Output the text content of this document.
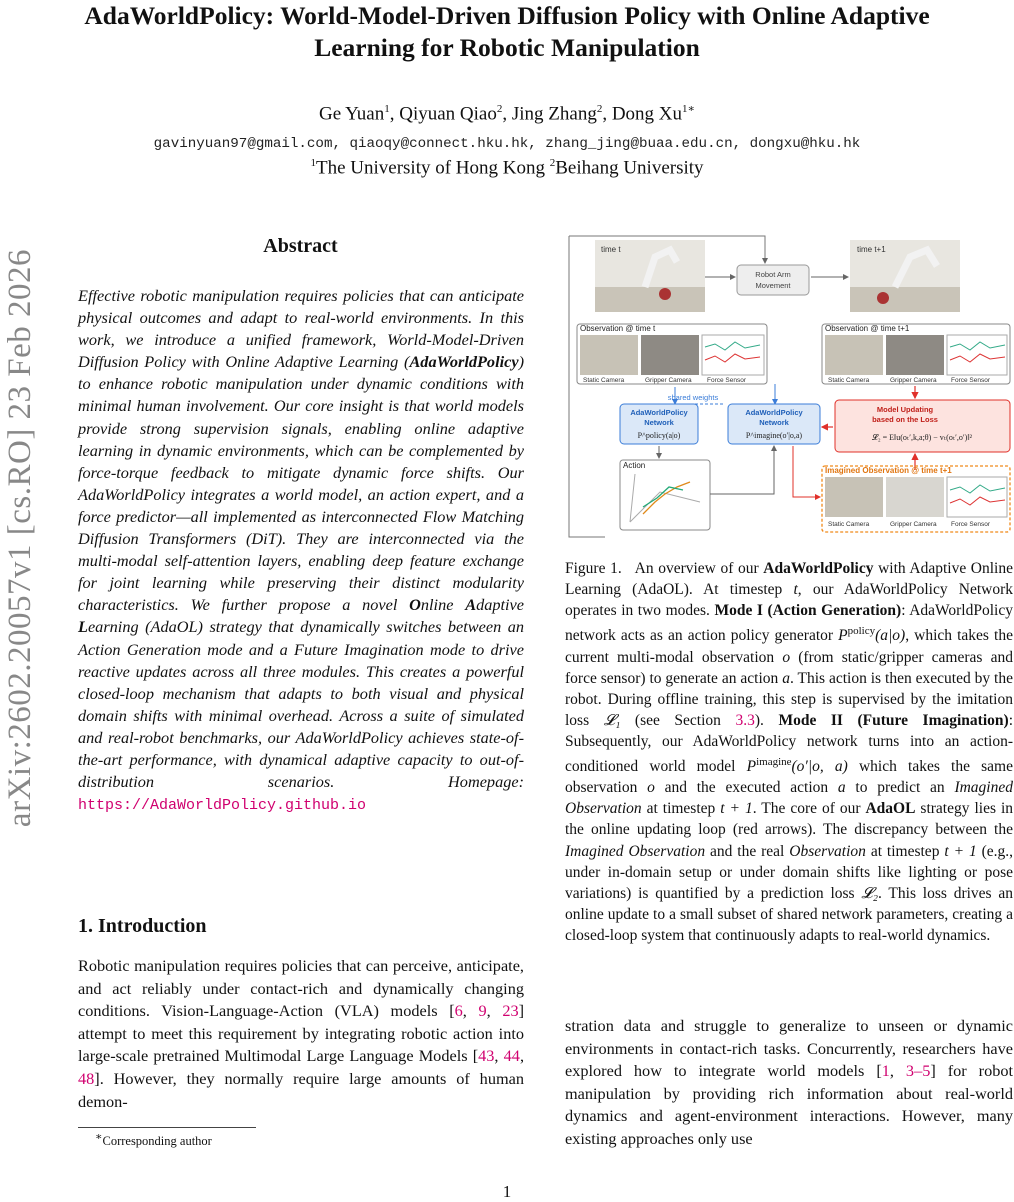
AdaWorldPolicy: World-Model-Driven Diffusion Policy with Online Adaptive Learning for Robotic Manipulation
Ge Yuan$^1$, Qiyuan Qiao$^2$, Jing Zhang$^2$, Dong $Xu^{1∗}$
gavinyuan97@gmail.com, qiaoqy@connect.hku.hk, zhang_jing@buaa.edu.cn, dongxu@hku.hk
$^1$The University of Hong Kong $^2$Beihang University
arXiv:2602.20057v1 [cs.RO] 23 Feb 2026
Abstract
Effective robotic manipulation requires policies that can anticipate physical outcomes and adapt to real-world environments. In this work, we introduce a unified framework, World-Model-Driven Diffusion Policy with Online Adaptive Learning (AdaWorldPolicy) to enhance robotic manipulation under dynamic conditions with minimal human involvement. Our core insight is that world models provide strong supervision signals, enabling online adaptive learning in dynamic environments, which can be complemented by force-torque feedback to mitigate dynamic force shifts. Our AdaWorldPolicy integrates a world model, an action expert, and a force predictor—all implemented as interconnected Flow Matching Diffusion Transformers (DiT). They are interconnected via the multi-modal self-attention layers, enabling deep feature exchange for joint learning while preserving their distinct modularity characteristics. We further propose a novel Online Adaptive Learning (AdaOL) strategy that dynamically switches between an Action Generation mode and a Future Imagination mode to drive reactive updates across all three modules. This creates a powerful closed-loop mechanism that adapts to both visual and physical domain shifts with minimal overhead. Across a suite of simulated and real-robot benchmarks, our AdaWorldPolicy achieves state-of-the-art performance, with dynamical adaptive capacity to out-of-distribution scenarios. Homepage: https://AdaWorldPolicy.github.io
1. Introduction
Robotic manipulation requires policies that can perceive, anticipate, and act reliably under contact-rich and dynamically changing conditions. Vision-Language-Action (VLA) models [6, 9, 23] attempt to meet this requirement by integrating robotic action into large-scale pretrained Multimodal Large Language Models [43, 44, 48]. However, they normally require large amounts of human demon-
∗Corresponding author
time t	time t+1
Robot Arm
Movement
Observation @ time t
Static Camera	Gripper Camera Force Sensor
Observation @ time t+1
Static Camera	Gripper Camera Force Sensor
shared weights
AdaWorldPolicy
Network
P^policy(a|o)
AdaWorldPolicy
Network
P^imagine(o′|o,a)
Model Updating
based on the Loss
𝓛₂ = E‖u(oₜ′,k,a;θ) − vₜ(oₜ′,o′)‖²
Action
Imagined Observation @ time t+1
Static Camera	Gripper Camera Force Sensor
Figure 1. An overview of our AdaWorldPolicy with Adaptive Online Learning (AdaOL). At timestep t, our AdaWorldPolicy Network operates in two modes. Mode I (Action Generation): AdaWorldPolicy network acts as an action policy generator $P^{policy}(a|o)$, which takes the current multi-modal observation o (from static/gripper cameras and force sensor) to generate an action a. This action is then executed by the robot. During offline training, this step is supervised by the imitation loss 𝓛₁ (see Section 3.3). Mode II (Future Imagination): Subsequently, our AdaWorldPolicy network turns into an action-conditioned world model $P^{imagine}(o'|o$, a) which takes the same observation o and the executed action a to predict an Imagined Observation at timestep t + 1. The core of our AdaOL strategy lies in the online updating loop (red arrows). The discrepancy between the Imagined Observation and the real Observation at timestep t + 1 (e.g., under in-domain setup or under domain shifts like lighting or pose variations) is quantified by a prediction loss 𝓛₂. This loss drives an online update to a small subset of shared network parameters, creating a closed-loop system that continuously adapts to real-world dynamics.
stration data and struggle to generalize to unseen or dynamic environments in contact-rich tasks. Concurrently, researchers have explored how to integrate world models [1, 3–5] for robot manipulation by providing rich information about real-world dynamics and agent-environment interactions. However, many existing approaches only use
1
